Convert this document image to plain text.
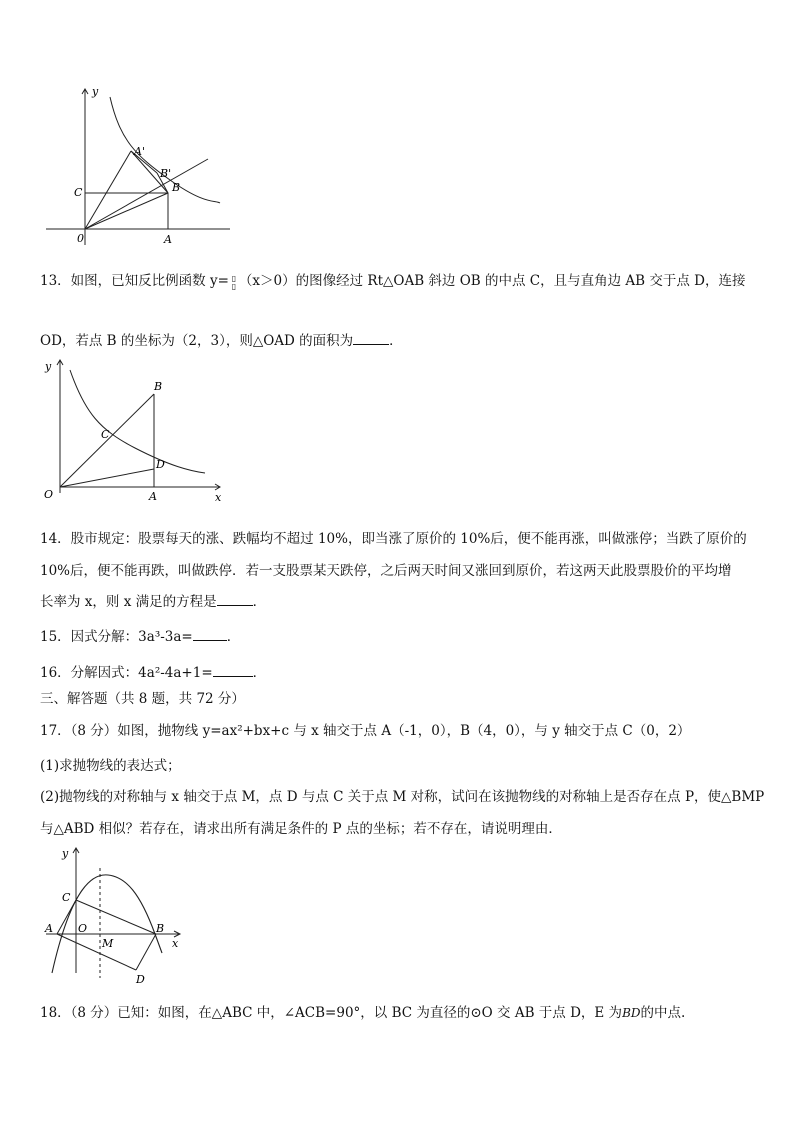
y
A'
B'
C	B
0	A
13．如图，已知反比例函数 y= ▯
▯ （x＞0）的图像经过 Rt△OAB 斜边 OB 的中点 C，且与直角边 AB 交于点 D，连接
OD，若点 B 的坐标为（2，3），则△OAD 的面积为	．
y
B
C
D
O	A	x
14．股市规定：股票每天的涨、跌幅均不超过 10%，即当涨了原价的 10%后，便不能再涨，叫做涨停；当跌了原价的
10%后，便不能再跌，叫做跌停．若一支股票某天跌停，之后两天时间又涨回到原价，若这两天此股票股价的平均增
长率为 x，则 x 满足的方程是	．
15．因式分解：3a³-3a=	．
16．分解因式：4a²-4a+1=	．
三、解答题（共 8 题，共 72 分）
17．（8 分）如图，抛物线 y=ax²+bx+c 与 x 轴交于点 A（-1，0），B（4，0），与 y 轴交于点 C（0，2）
(1)求抛物线的表达式；
(2)抛物线的对称轴与 x 轴交于点 M，点 D 与点 C 关于点 M 对称，试问在该抛物线的对称轴上是否存在点 P，使△BMP
与△ABD 相似？若存在，请求出所有满足条件的 P 点的坐标；若不存在，请说明理由．
y
C
A O
M
B
x
D
18．（8 分）已知：如图，在△ABC 中，∠ACB=90°，以 BC 为直径的⊙O 交 AB 于点 D，E 为BD的中点.
